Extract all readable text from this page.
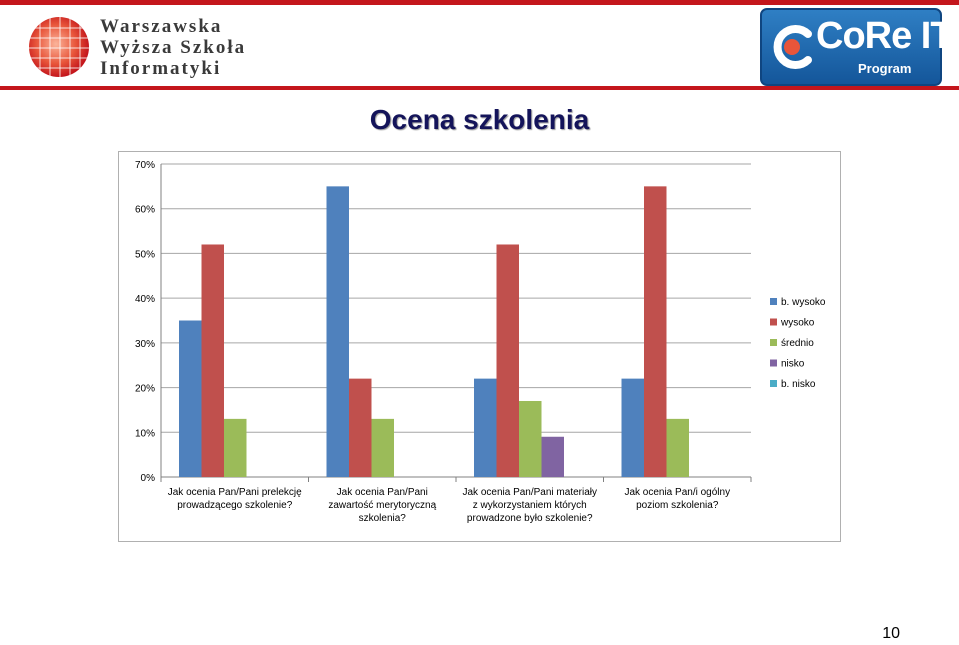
Warszawska
Wyższa Szkoła
Informatyki
CoRe IT
Program
Ocena szkolenia
0%
10%
20%
30%
40%
50%
60%
70%
Jak ocenia Pan/Pani prelekcję
prowadzącego szkolenie?
Jak ocenia Pan/Pani
zawartość merytoryczną
szkolenia?
Jak ocenia Pan/Pani materiały
z wykorzystaniem których
prowadzone było szkolenie?
Jak ocenia Pan/i ogólny
poziom szkolenia?
b. wysoko
wysoko
średnio
nisko
b. nisko
10
